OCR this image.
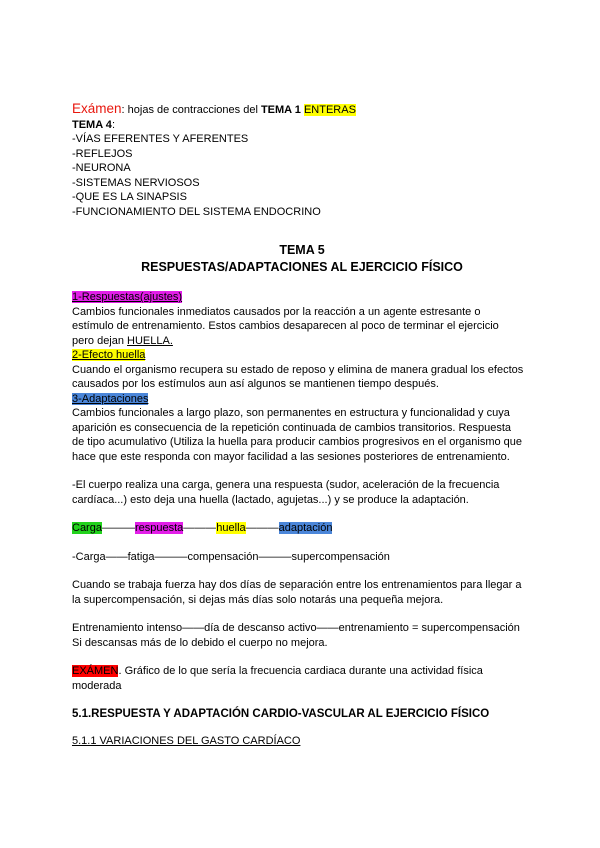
Exámen: hojas de contracciones del TEMA 1 ENTERAS
TEMA 4:
-VÍAS EFERENTES Y AFERENTES
-REFLEJOS
-NEURONA
-SISTEMAS NERVIOSOS
-QUE ES LA SINAPSIS
-FUNCIONAMIENTO DEL SISTEMA ENDOCRINO
TEMA 5
RESPUESTAS/ADAPTACIONES AL EJERCICIO FÍSICO
1-Respuestas(ajustes)
Cambios funcionales inmediatos causados por la reacción a un agente estresante o
estímulo de entrenamiento. Estos cambios desaparecen al poco de terminar el ejercicio
pero dejan HUELLA.
2-Efecto huella
Cuando el organismo recupera su estado de reposo y elimina de manera gradual los efectos
causados por los estímulos aun así algunos se mantienen tiempo después.
3-Adaptaciones
Cambios funcionales a largo plazo, son permanentes en estructura y funcionalidad y cuya
aparición es consecuencia de la repetición continuada de cambios transitorios. Respuesta
de tipo acumulativo (Utiliza la huella para producir cambios progresivos en el organismo que
hace que este responda con mayor facilidad a las sesiones posteriores de entrenamiento.
-El cuerpo realiza una carga, genera una respuesta (sudor, aceleración de la frecuencia
cardíaca...) esto deja una huella (lactado, agujetas...) y se produce la adaptación.
Carga———respuesta———huella———adaptación
-Carga——fatiga———compensación———supercompensación
Cuando se trabaja fuerza hay dos días de separación entre los entrenamientos para llegar a
la supercompensación, si dejas más días solo notarás una pequeña mejora.
Entrenamiento intenso——día de descanso activo——entrenamiento = supercompensación
Si descansas más de lo debido el cuerpo no mejora.
EXÁMEN. Gráfico de lo que sería la frecuencia cardiaca durante una actividad física
moderada
5.1.RESPUESTA Y ADAPTACIÓN CARDIO-VASCULAR AL EJERCICIO FÍSICO
5.1.1 VARIACIONES DEL GASTO CARDÍACO
